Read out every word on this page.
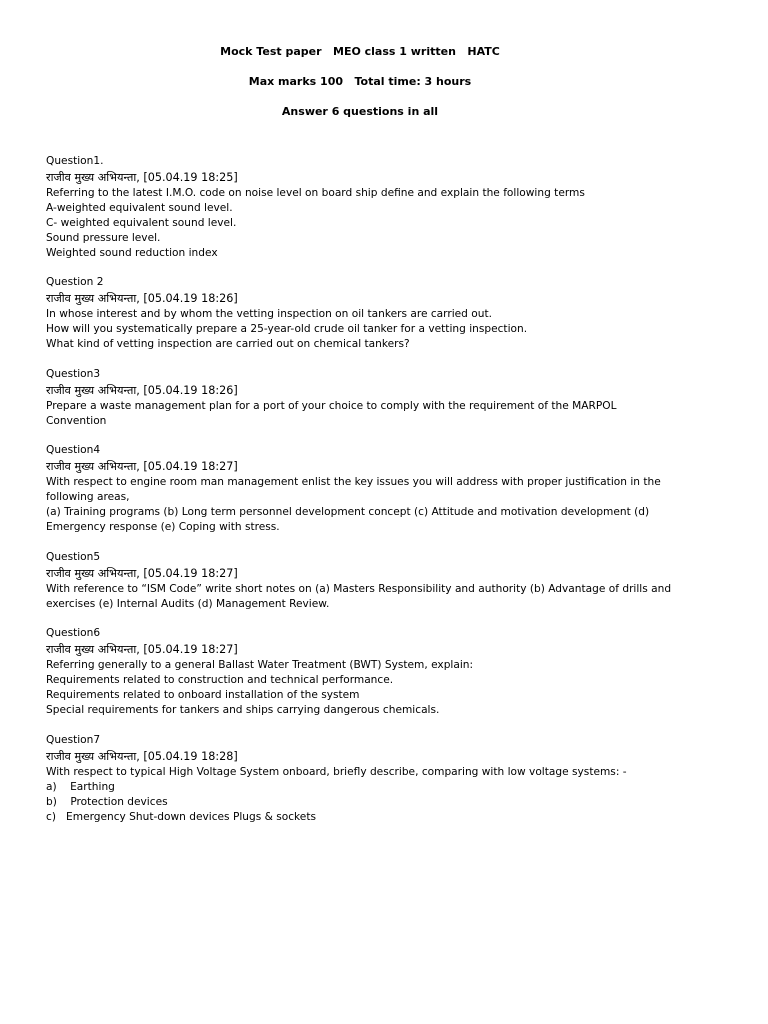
Mock Test paper   MEO class 1 written   HATC
Max marks 100   Total time: 3 hours
Answer 6 questions in all
Question1.
राजीव मुख्य अभियन्ता, [05.04.19 18:25]
Referring to the latest I.M.O. code on noise level on board ship define and explain the following terms
A-weighted equivalent sound level.
C- weighted equivalent sound level.
Sound pressure level.
Weighted sound reduction index
Question 2
राजीव मुख्य अभियन्ता, [05.04.19 18:26]
In whose interest and by whom the vetting inspection on oil tankers are carried out.
How will you systematically prepare a 25-year-old crude oil tanker for a vetting inspection.
What kind of vetting inspection are carried out on chemical tankers?
Question3
राजीव मुख्य अभियन्ता, [05.04.19 18:26]
Prepare a waste management plan for a port of your choice to comply with the requirement of the MARPOL
Convention
Question4
राजीव मुख्य अभियन्ता, [05.04.19 18:27]
With respect to engine room man management enlist the key issues you will address with proper justification in the
following areas,
(a) Training programs (b) Long term personnel development concept (c) Attitude and motivation development (d)
Emergency response (e) Coping with stress.
Question5
राजीव मुख्य अभियन्ता, [05.04.19 18:27]
With reference to “ISM Code” write short notes on (a) Masters Responsibility and authority (b) Advantage of drills and
exercises (e) Internal Audits (d) Management Review.
Question6
राजीव मुख्य अभियन्ता, [05.04.19 18:27]
Referring generally to a general Ballast Water Treatment (BWT) System, explain:
Requirements related to construction and technical performance.
Requirements related to onboard installation of the system
Special requirements for tankers and ships carrying dangerous chemicals.
Question7
राजीव मुख्य अभियन्ता, [05.04.19 18:28]
With respect to typical High Voltage System onboard, briefly describe, comparing with low voltage systems: -
a)    Earthing
b)    Protection devices
c)   Emergency Shut-down devices Plugs & sockets
